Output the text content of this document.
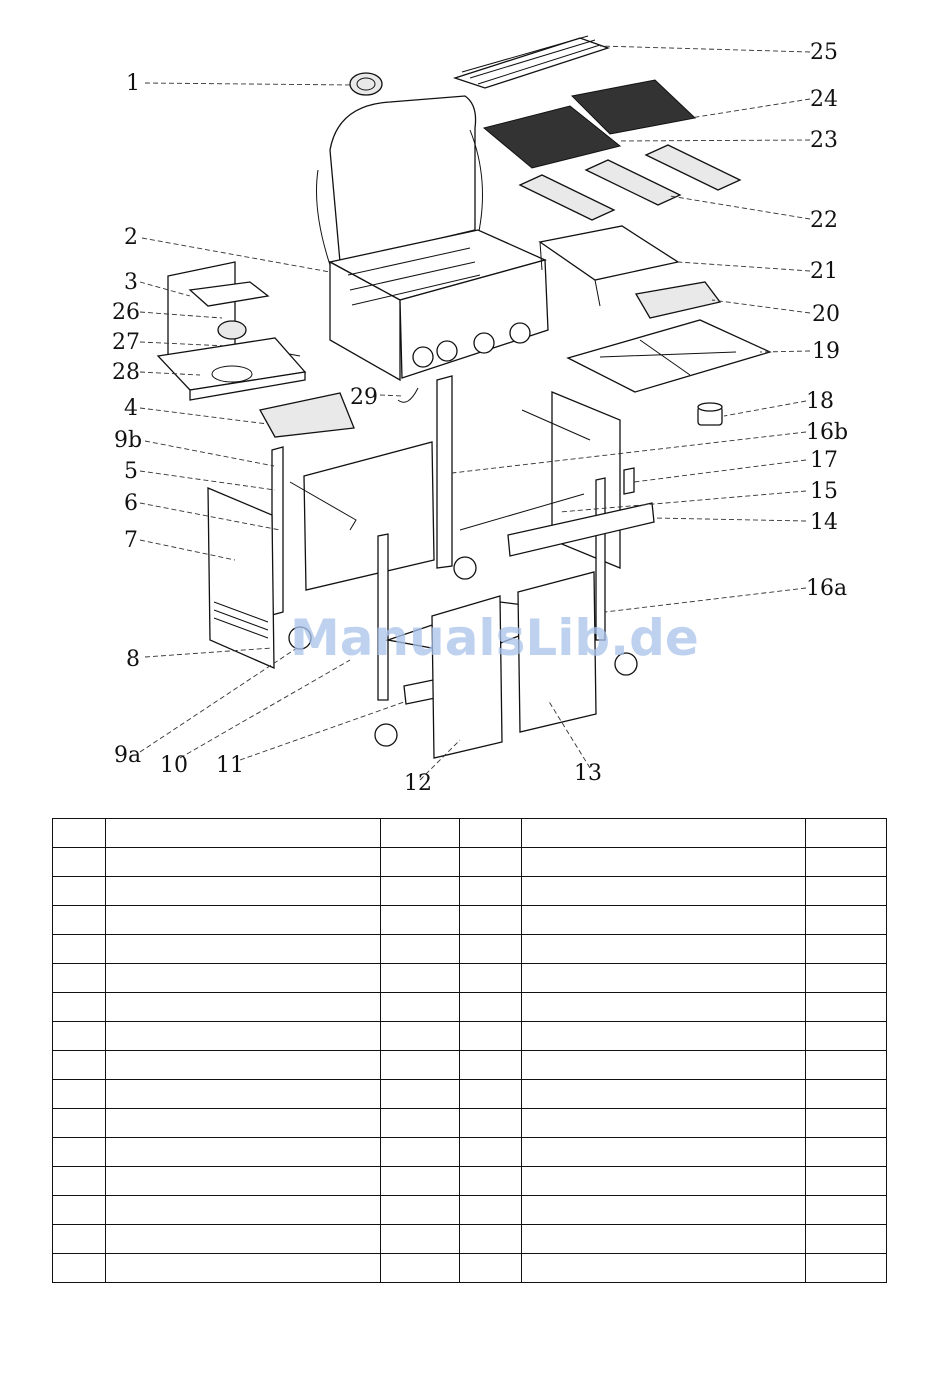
1
2
3
26
27
28
4
9b
5
6
7
8
9a 10 11
12	13
29
25
24
23
22
21
20
19
18
16b
17
15
14
16a
ManualsLib.de
